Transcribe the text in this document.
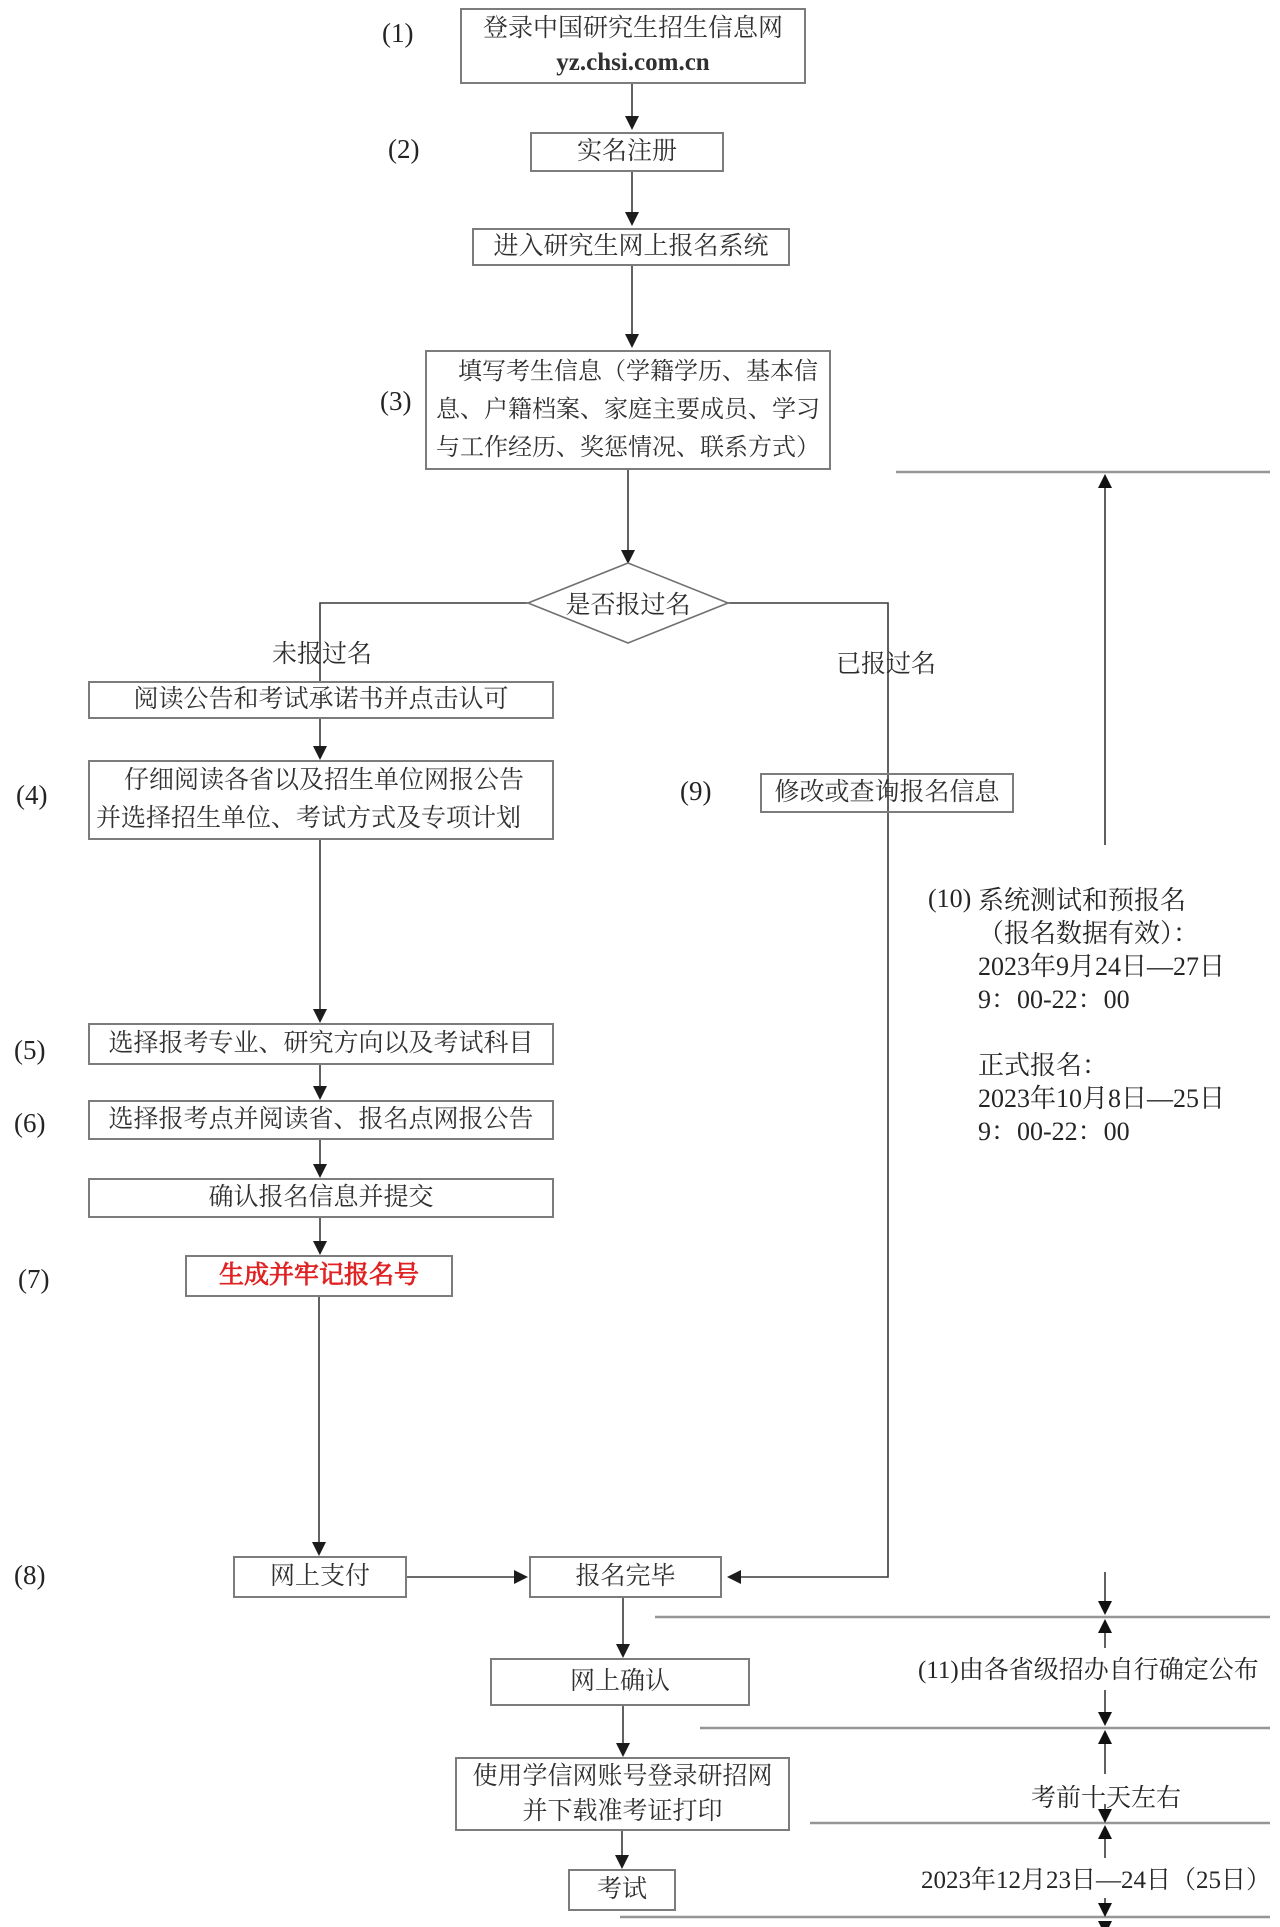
(1)
(2)
(3)
(4)
(5)
(6)
(7)
(8)
(9)
登录中国研究生招生信息网
yz.chsi.com.cn
实名注册
进入研究生网上报名系统
填写考生信息（学籍学历、基本信
息、户籍档案、家庭主要成员、学习
与工作经历、奖惩情况、联系方式）
是否报过名
未报过名	已报过名
阅读公告和考试承诺书并点击认可
仔细阅读各省以及招生单位网报公告
并选择招生单位、考试方式及专项计划
选择报考专业、研究方向以及考试科目
选择报考点并阅读省、报名点网报公告
确认报名信息并提交
生成并牢记报名号
网上支付	报名完毕
修改或查询报名信息
网上确认
使用学信网账号登录研招网
并下载准考证打印
考试
(10) 系统测试和预报名
（报名数据有效）：
2023年9月24日—27日
9：00-22：00
正式报名：
2023年10月8日—25日
9：00-22：00
(11)由各省级招办自行确定公布
考前十天左右
2023年12月23日—24日（25日）
